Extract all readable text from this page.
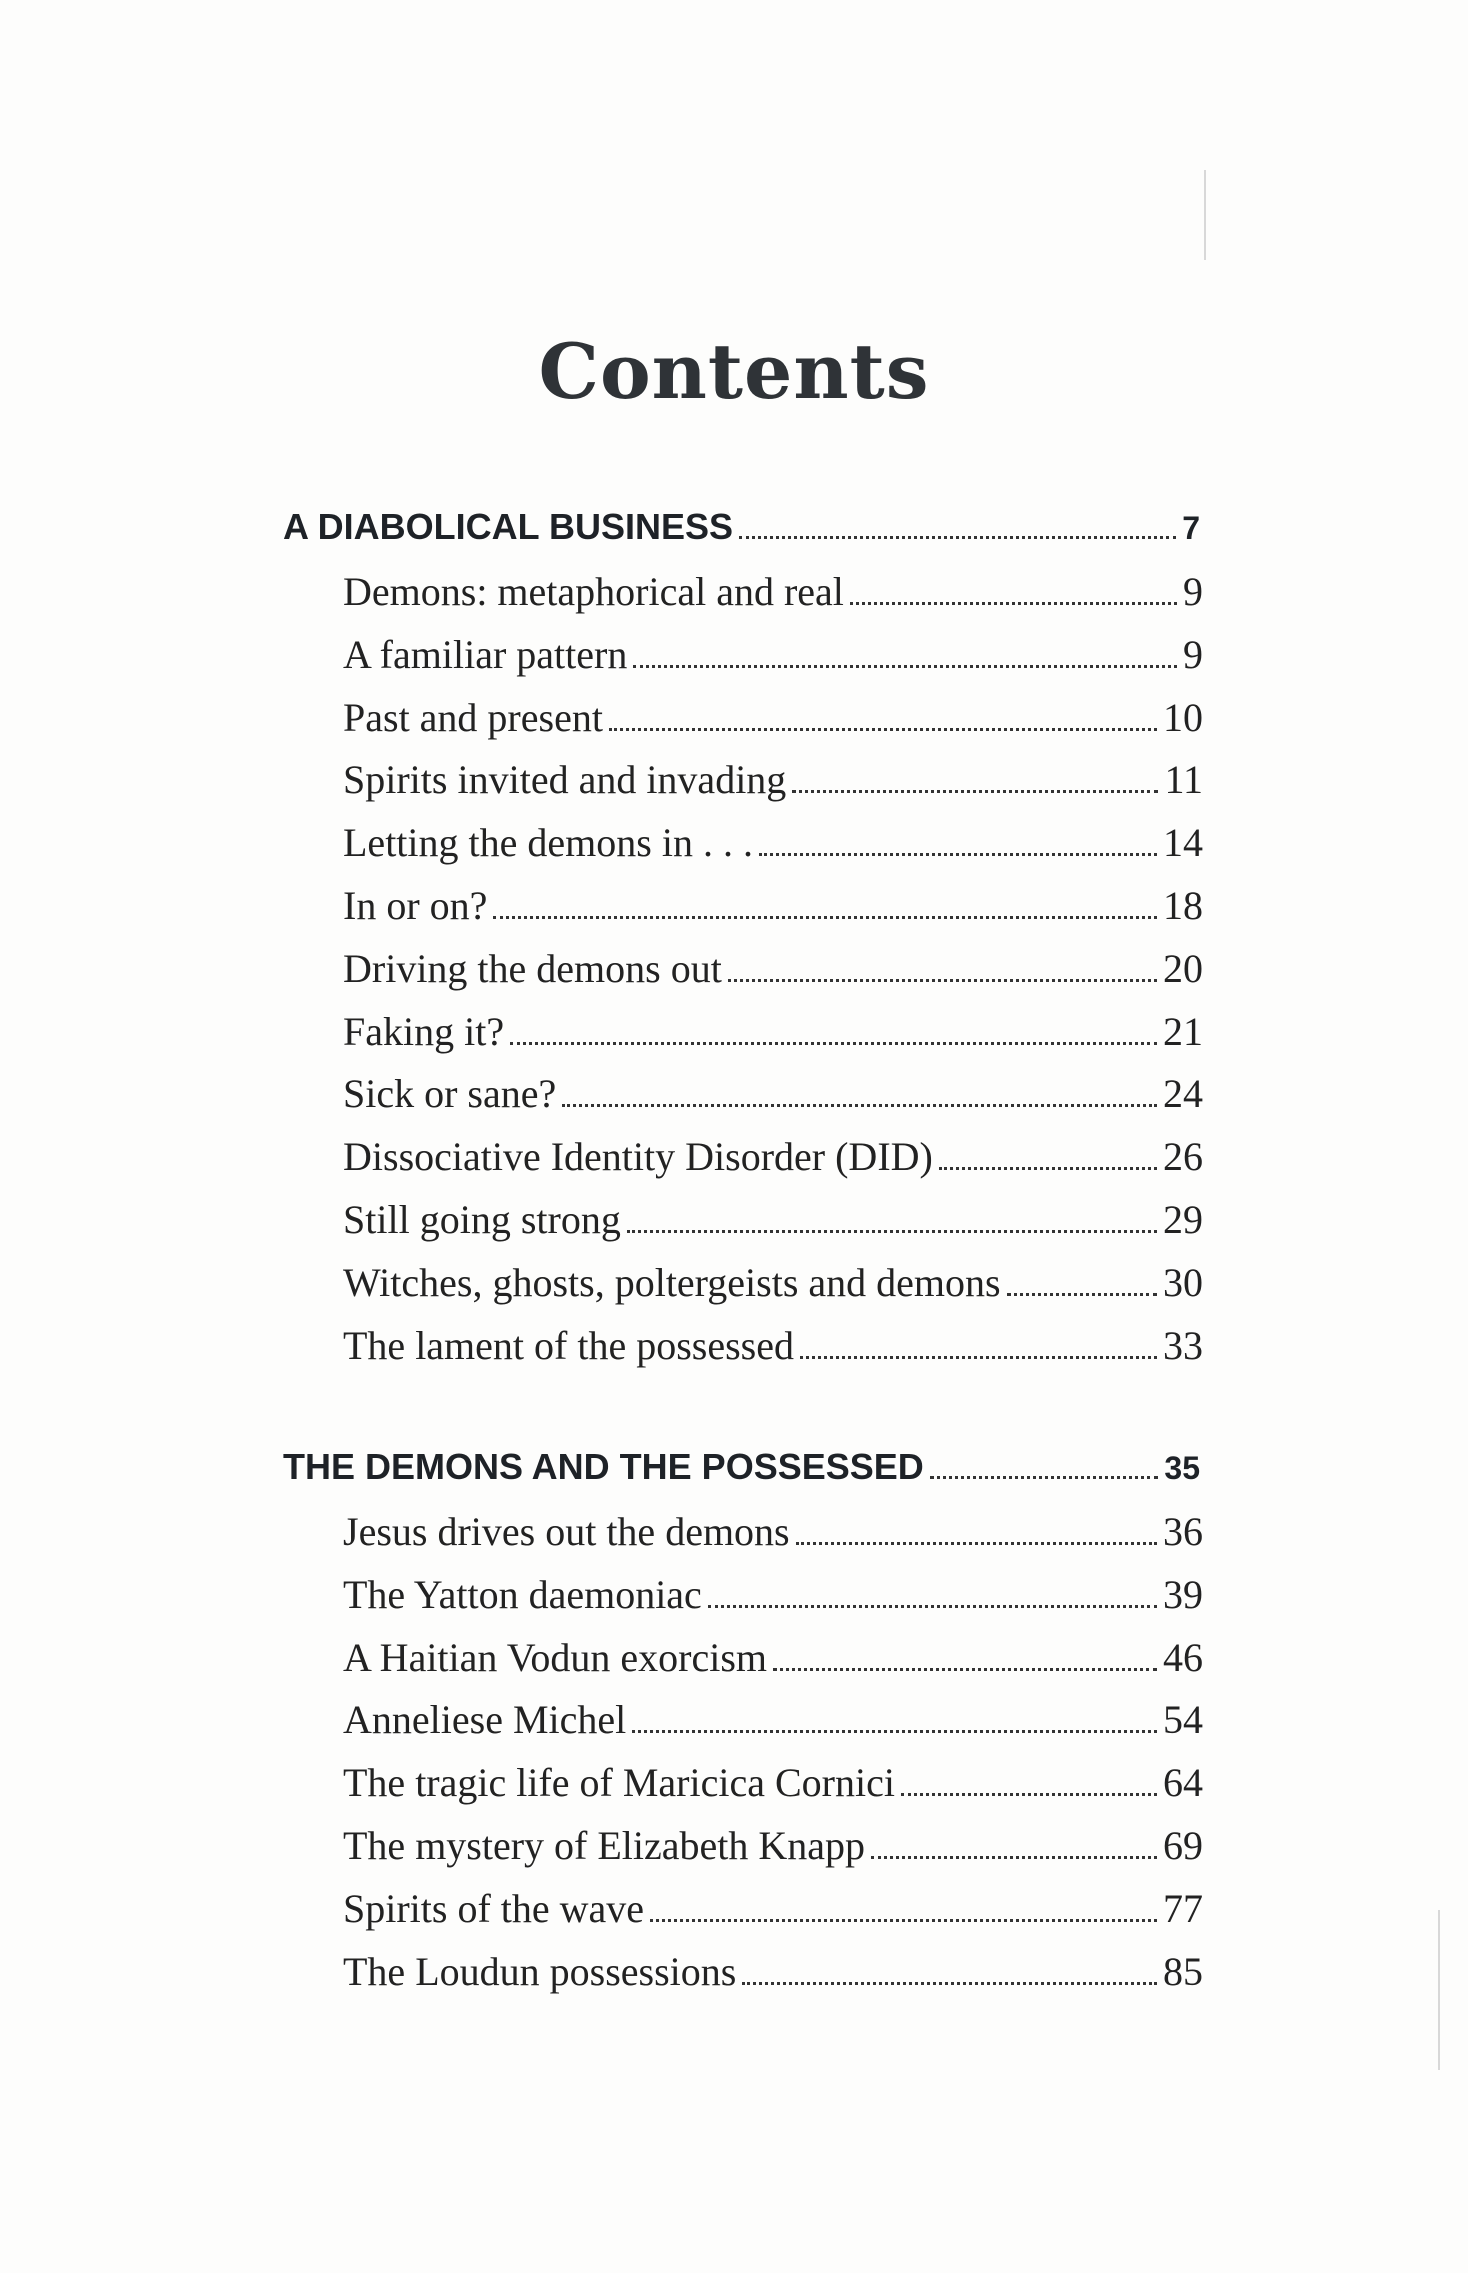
Contents
A DIABOLICAL BUSINESS	7
Demons: metaphorical and real	9
A familiar pattern	9
Past and present	10
Spirits invited and invading	11
Letting the demons in . . .	14
In or on?	18
Driving the demons out	20
Faking it?	21
Sick or sane?	24
Dissociative Identity Disorder (DID)	26
Still going strong	29
Witches, ghosts, poltergeists and demons	30
The lament of the possessed	33
THE DEMONS AND THE POSSESSED	35
Jesus drives out the demons	36
The Yatton daemoniac	39
A Haitian Vodun exorcism	46
Anneliese Michel	54
The tragic life of Maricica Cornici	64
The mystery of Elizabeth Knapp	69
Spirits of the wave	77
The Loudun possessions	85
